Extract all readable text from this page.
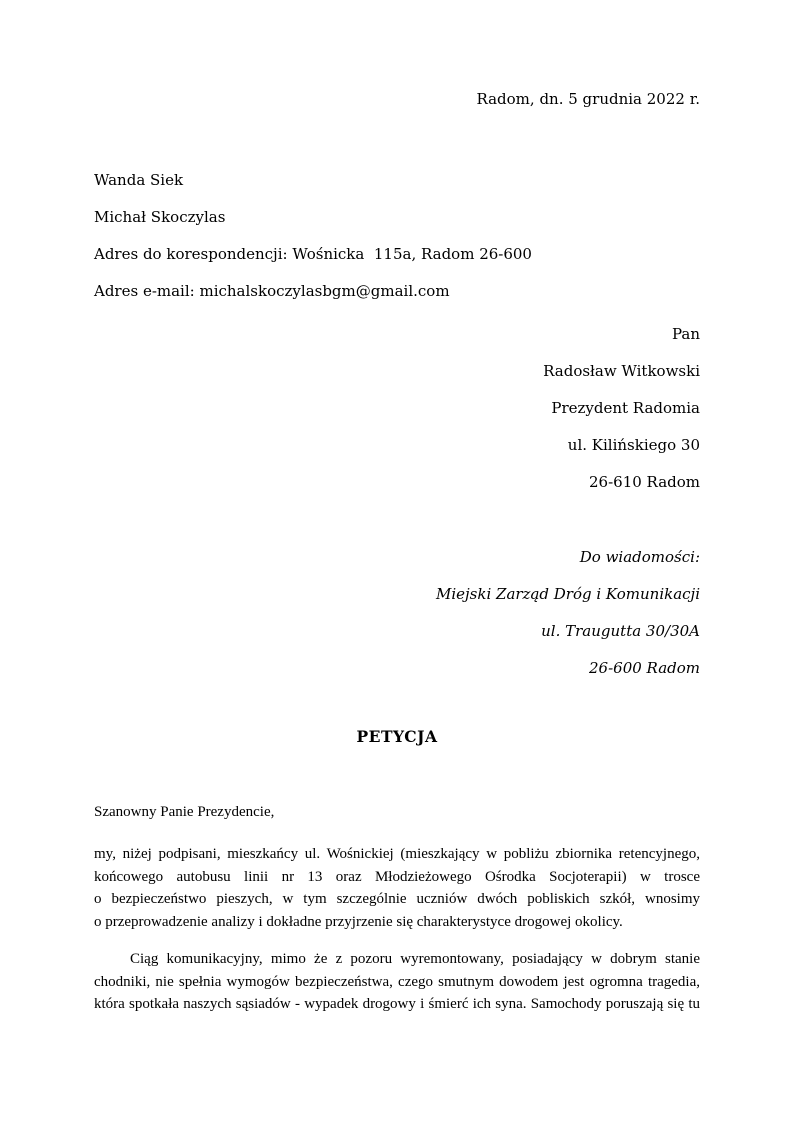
Radom, dn. 5 grudnia 2022 r.
Wanda Siek
Michał Skoczylas
Adres do korespondencji: Wośnicka  115a, Radom 26-600
Adres e-mail: michalskoczylasbgm@gmail.com
Pan
Radosław Witkowski
Prezydent Radomia
ul. Kilińskiego 30
26-610 Radom
Do wiadomości:
Miejski Zarząd Dróg i Komunikacji
ul. Traugutta 30/30A
26-600 Radom
PETYCJA
Szanowny Panie Prezydencie,
my, niżej podpisani, mieszkańcy ul. Wośnickiej (mieszkający w pobliżu zbiornika retencyjnego,
końcowego autobusu linii nr 13 oraz Młodzieżowego Ośrodka Socjoterapii) w trosce
o bezpieczeństwo pieszych, w tym szczególnie uczniów dwóch pobliskich szkół, wnosimy
o przeprowadzenie analizy i dokładne przyjrzenie się charakterystyce drogowej okolicy.
Ciąg komunikacyjny, mimo że z pozoru wyremontowany, posiadający w dobrym stanie
chodniki, nie spełnia wymogów bezpieczeństwa, czego smutnym dowodem jest ogromna tragedia,
która spotkała naszych sąsiadów - wypadek drogowy i śmierć ich syna. Samochody poruszają się tu
